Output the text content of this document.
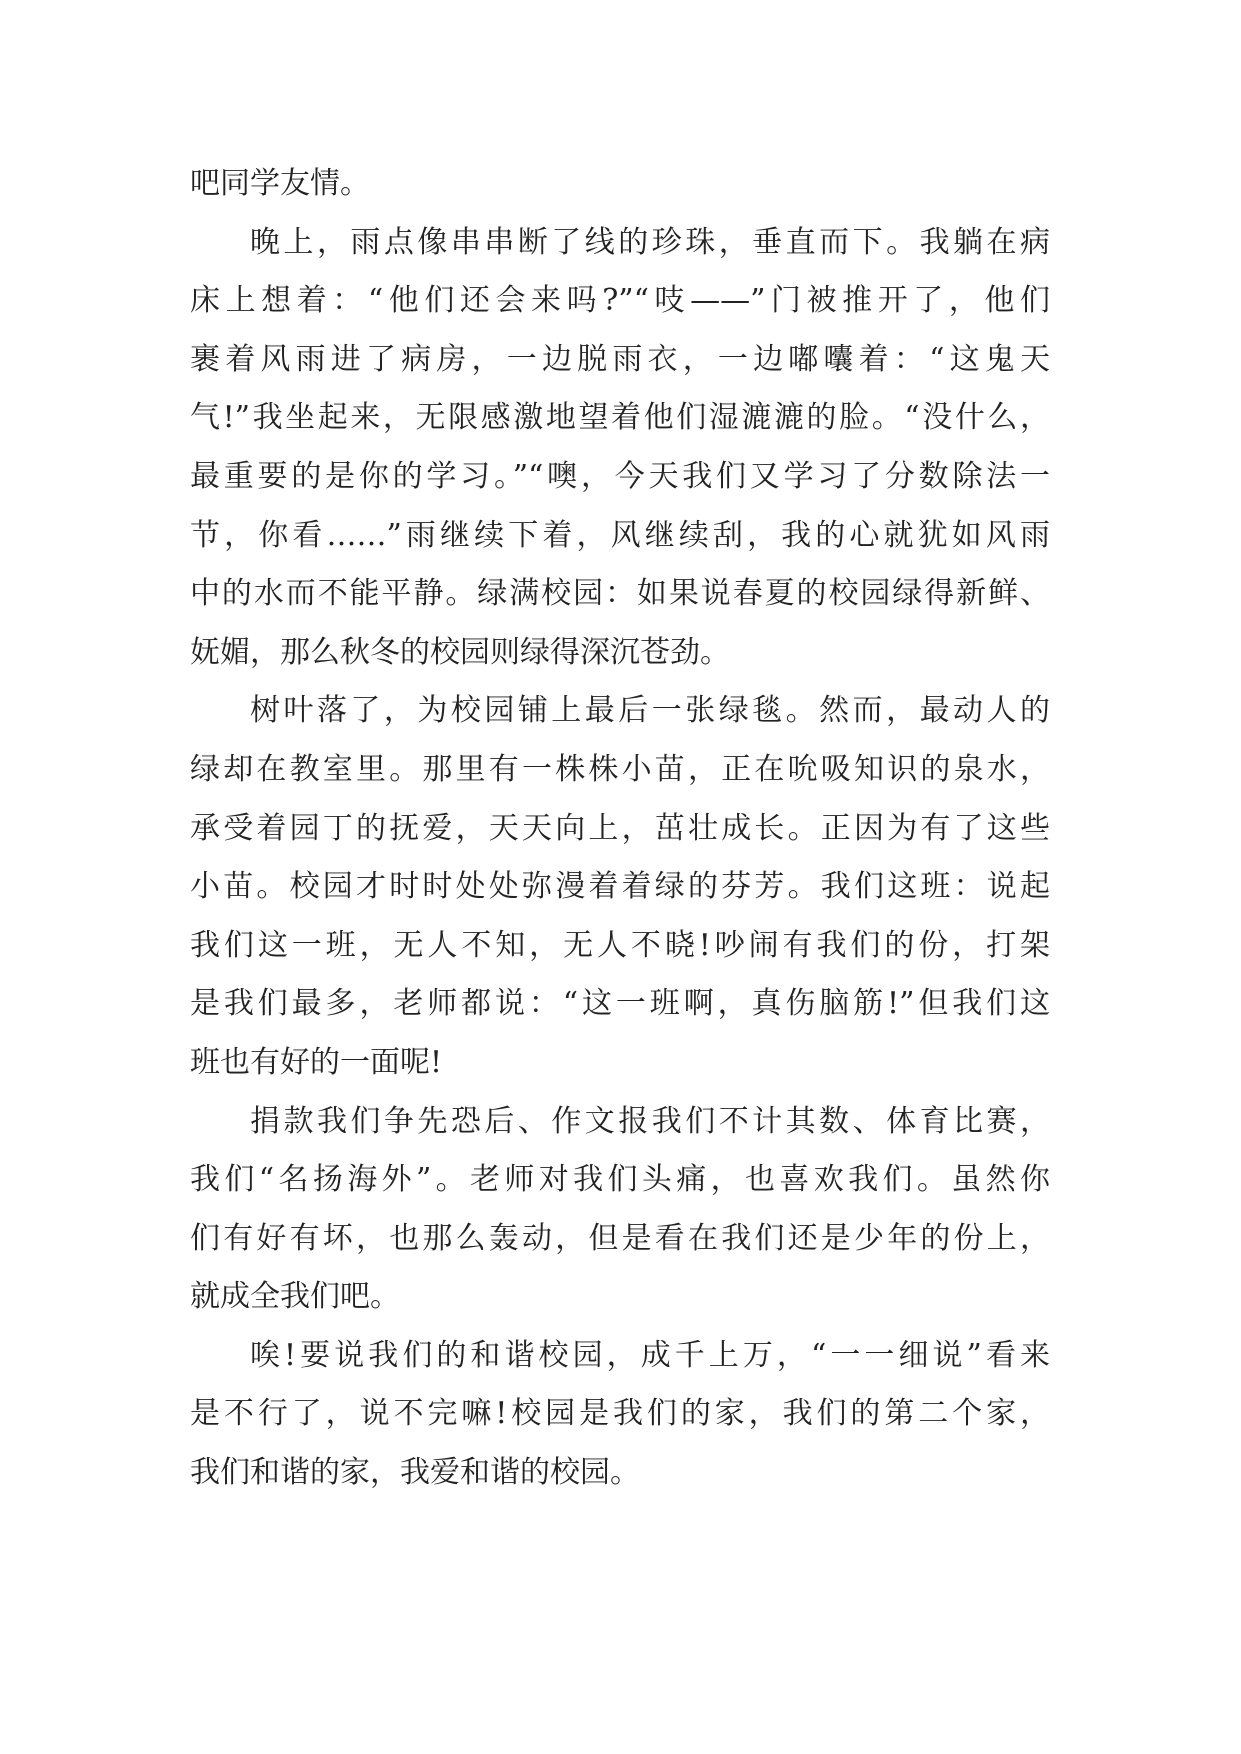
吧同学友情。
晚上，雨点像串串断了线的珍珠，垂直而下。我躺在病
床上想着：“他们还会来吗?”“吱——”门被推开了，他们
裹着风雨进了病房，一边脱雨衣，一边嘟囔着：“这鬼天
气!”我坐起来，无限感激地望着他们湿漉漉的脸。“没什么，
最重要的是你的学习。”“噢，今天我们又学习了分数除法一
节，你看……”雨继续下着，风继续刮，我的心就犹如风雨
中的水而不能平静。绿满校园：如果说春夏的校园绿得新鲜、
妩媚，那么秋冬的校园则绿得深沉苍劲。
树叶落了，为校园铺上最后一张绿毯。然而，最动人的
绿却在教室里。那里有一株株小苗，正在吮吸知识的泉水，
承受着园丁的抚爱，天天向上，茁壮成长。正因为有了这些
小苗。校园才时时处处弥漫着着绿的芬芳。我们这班：说起
我们这一班，无人不知，无人不晓!吵闹有我们的份，打架
是我们最多，老师都说：“这一班啊，真伤脑筋!”但我们这
班也有好的一面呢!
捐款我们争先恐后、作文报我们不计其数、体育比赛，
我们“名扬海外”。老师对我们头痛，也喜欢我们。虽然你
们有好有坏，也那么轰动，但是看在我们还是少年的份上，
就成全我们吧。
唉!要说我们的和谐校园，成千上万，“一一细说”看来
是不行了，说不完嘛!校园是我们的家，我们的第二个家，
我们和谐的家，我爱和谐的校园。
